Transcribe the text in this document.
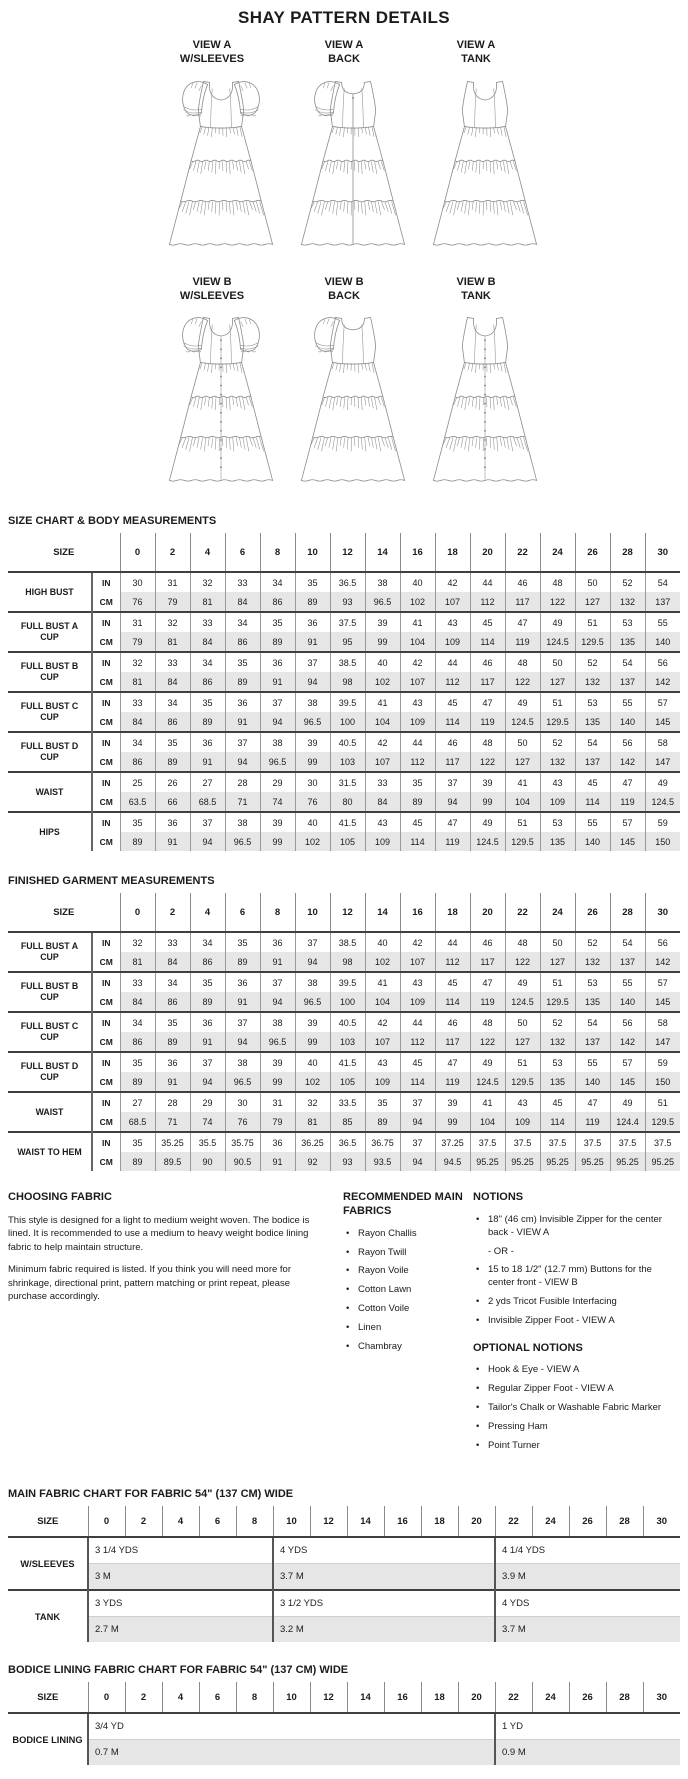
SHAY PATTERN DETAILS
VIEW A
W/SLEEVES
VIEW A
BACK
VIEW A
TANK
VIEW B
W/SLEEVES
VIEW B
BACK
VIEW B
TANK
SIZE CHART & BODY MEASUREMENTS
SIZE		0	2	4	6	8	10	12	14	16	18	20	22	24	26	28	30
HIGH BUST	IN	30	31	32	33	34	35	36.5	38	40	42	44	46	48	50	52	54
	CM	76	79	81	84	86	89	93	96.5	102	107	112	117	122	127	132	137
FULL BUST A CUP	IN	31	32	33	34	35	36	37.5	39	41	43	45	47	49	51	53	55
	CM	79	81	84	86	89	91	95	99	104	109	114	119	124.5	129.5	135	140
FULL BUST B CUP	IN	32	33	34	35	36	37	38.5	40	42	44	46	48	50	52	54	56
	CM	81	84	86	89	91	94	98	102	107	112	117	122	127	132	137	142
FULL BUST C CUP	IN	33	34	35	36	37	38	39.5	41	43	45	47	49	51	53	55	57
	CM	84	86	89	91	94	96.5	100	104	109	114	119	124.5	129.5	135	140	145
FULL BUST D CUP	IN	34	35	36	37	38	39	40.5	42	44	46	48	50	52	54	56	58
	CM	86	89	91	94	96.5	99	103	107	112	117	122	127	132	137	142	147
WAIST	IN	25	26	27	28	29	30	31.5	33	35	37	39	41	43	45	47	49
	CM	63.5	66	68.5	71	74	76	80	84	89	94	99	104	109	114	119	124.5
HIPS	IN	35	36	37	38	39	40	41.5	43	45	47	49	51	53	55	57	59
	CM	89	91	94	96.5	99	102	105	109	114	119	124.5	129.5	135	140	145	150
FINISHED GARMENT MEASUREMENTS
SIZE		0	2	4	6	8	10	12	14	16	18	20	22	24	26	28	30
FULL BUST A CUP	IN	32	33	34	35	36	37	38.5	40	42	44	46	48	50	52	54	56
	CM	81	84	86	89	91	94	98	102	107	112	117	122	127	132	137	142
FULL BUST B CUP	IN	33	34	35	36	37	38	39.5	41	43	45	47	49	51	53	55	57
	CM	84	86	89	91	94	96.5	100	104	109	114	119	124.5	129.5	135	140	145
FULL BUST C CUP	IN	34	35	36	37	38	39	40.5	42	44	46	48	50	52	54	56	58
	CM	86	89	91	94	96.5	99	103	107	112	117	122	127	132	137	142	147
FULL BUST D CUP	IN	35	36	37	38	39	40	41.5	43	45	47	49	51	53	55	57	59
	CM	89	91	94	96.5	99	102	105	109	114	119	124.5	129.5	135	140	145	150
WAIST	IN	27	28	29	30	31	32	33.5	35	37	39	41	43	45	47	49	51
	CM	68.5	71	74	76	79	81	85	89	94	99	104	109	114	119	124.4	129.5
WAIST TO HEM	IN	35	35.25	35.5	35.75	36	36.25	36.5	36.75	37	37.25	37.5	37.5	37.5	37.5	37.5	37.5
	CM	89	89.5	90	90.5	91	92	93	93.5	94	94.5	95.25	95.25	95.25	95.25	95.25	95.25
CHOOSING FABRIC

This style is designed for a light to medium weight woven. The bodice is lined. It is recommended to use a medium to heavy weight bodice lining fabric to help maintain structure.

Minimum fabric required is listed. If you think you will need more for shrinkage, directional print, pattern matching or print repeat, please purchase accordingly.

RECOMMENDED MAIN FABRICS
• Rayon Challis
• Rayon Twill
• Rayon Voile
• Cotton Lawn
• Cotton Voile
• Linen
• Chambray
NOTIONS
• 18" (46 cm) Invisible Zipper for the center back - VIEW A
- OR -
• 15 to 18 1/2" (12.7 mm) Buttons for the center front - VIEW B
• 2 yds Tricot Fusible Interfacing
• Invisible Zipper Foot - VIEW A
OPTIONAL NOTIONS
• Hook & Eye - VIEW A
• Regular Zipper Foot - VIEW A
• Tailor's Chalk or Washable Fabric Marker
• Pressing Ham
• Point Turner
MAIN FABRIC CHART FOR FABRIC 54" (137 CM) WIDE
SIZE	0	2	4	6	8	10	12	14	16	18	20	22	24	26	28	30
W/SLEEVES	3 1/4 YDS					4 YDS						4 1/4 YDS				
	3 M					3.7 M						3.9 M				
TANK	3 YDS					3 1/2 YDS						4 YDS				
	2.7 M					3.2 M						3.7 M				
BODICE LINING FABRIC CHART FOR FABRIC 54" (137 CM) WIDE
SIZE	0	2	4	6	8	10	12	14	16	18	20	22	24	26	28	30
BODICE LINING	3/4 YD											1 YD				
	0.7 M											0.9 M				
